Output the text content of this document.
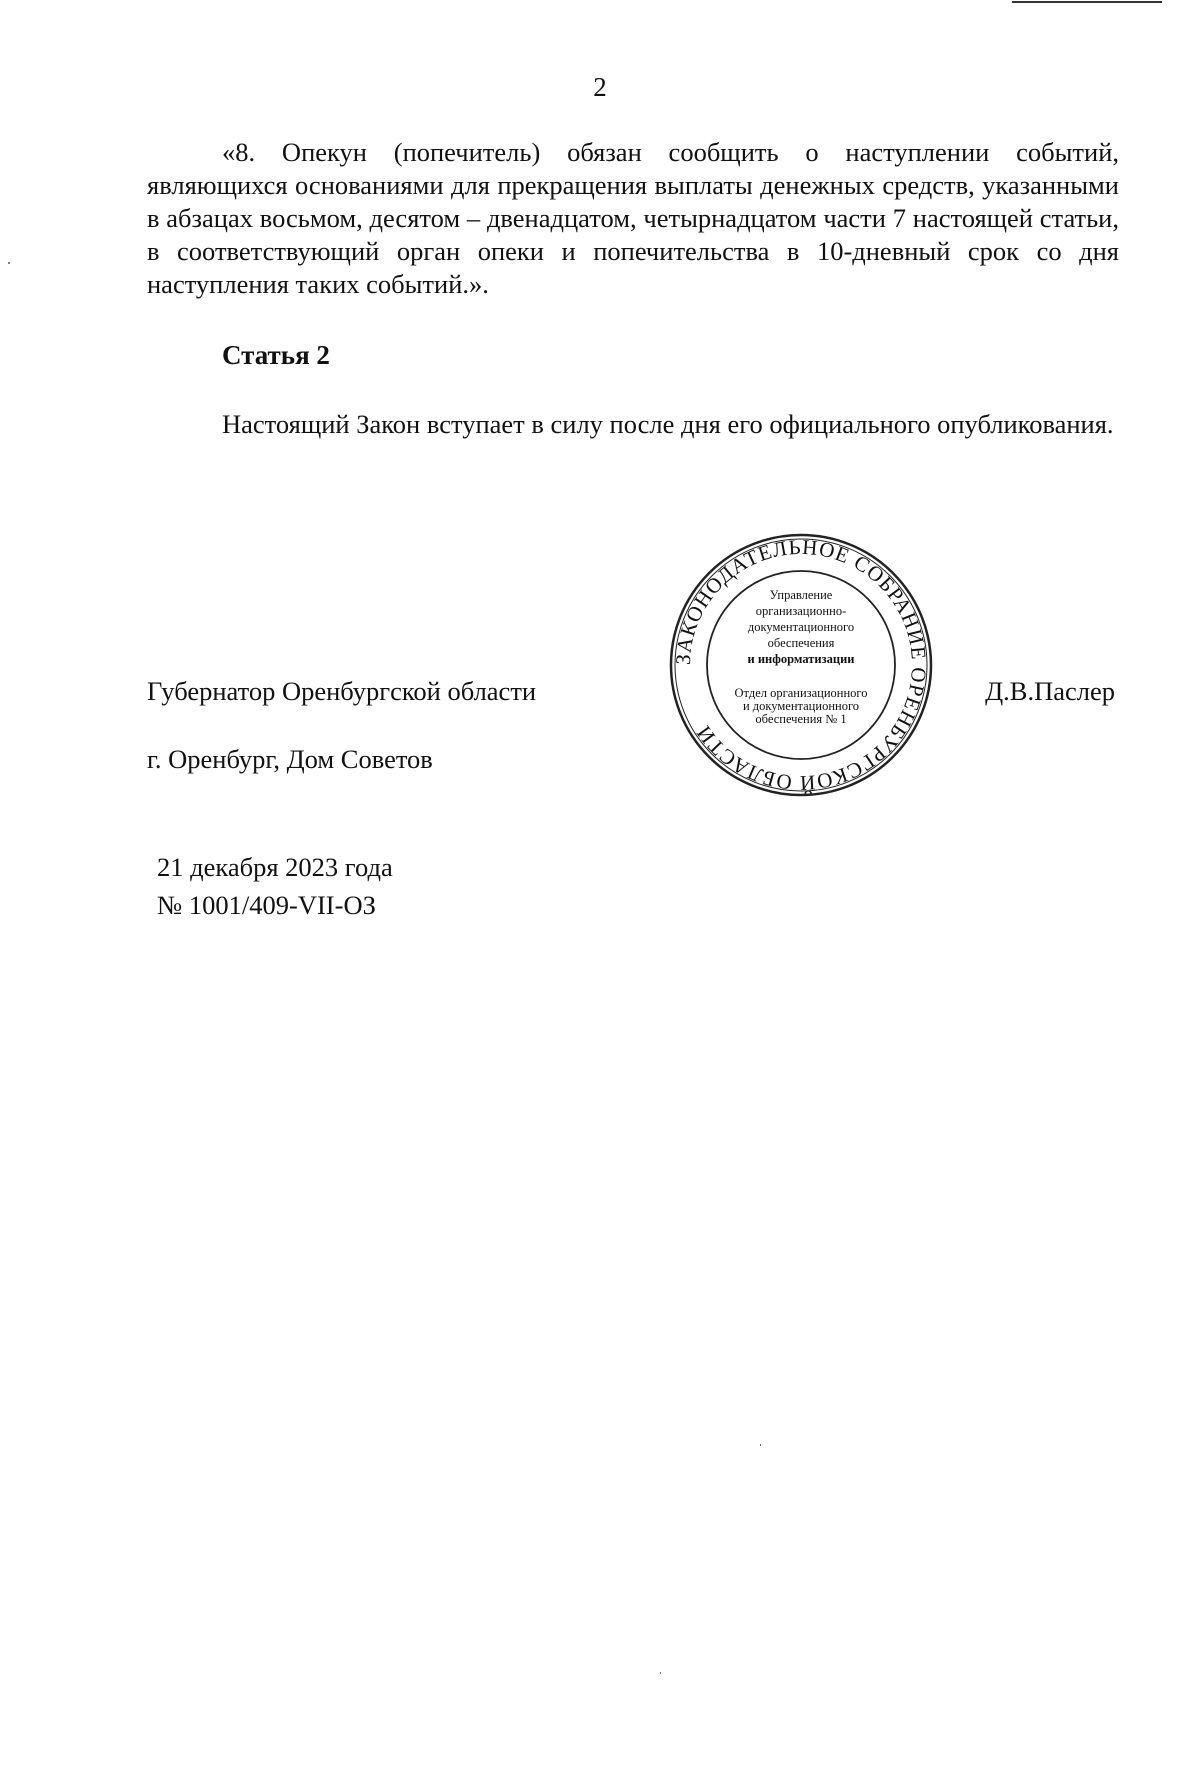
2
«8. Опекун (попечитель) обязан сообщить о наступлении событий, являющихся основаниями для прекращения выплаты денежных средств, указанными в абзацах восьмом, десятом – двенадцатом, четырнадцатом части 7 настоящей статьи, в соответствующий орган опеки и попечительства в 10-дневный срок со дня наступления таких событий.».
Статья 2
Настоящий Закон вступает в силу после дня его официального опубликования.
Губернатор Оренбургской области	Д.В.Паслер
г. Оренбург, Дом Советов
21 декабря 2023 года
№ 1001/409-VII-ОЗ
ЗАКОНОДАТЕЛЬНОЕ СОБРАНИЕ ОРЕНБУРГСКОЙ ОБЛАСТИ
Управление
организационно-
документационного
обеспечения
и информатизации
Отдел организационного
и документационного
обеспечения № 1
